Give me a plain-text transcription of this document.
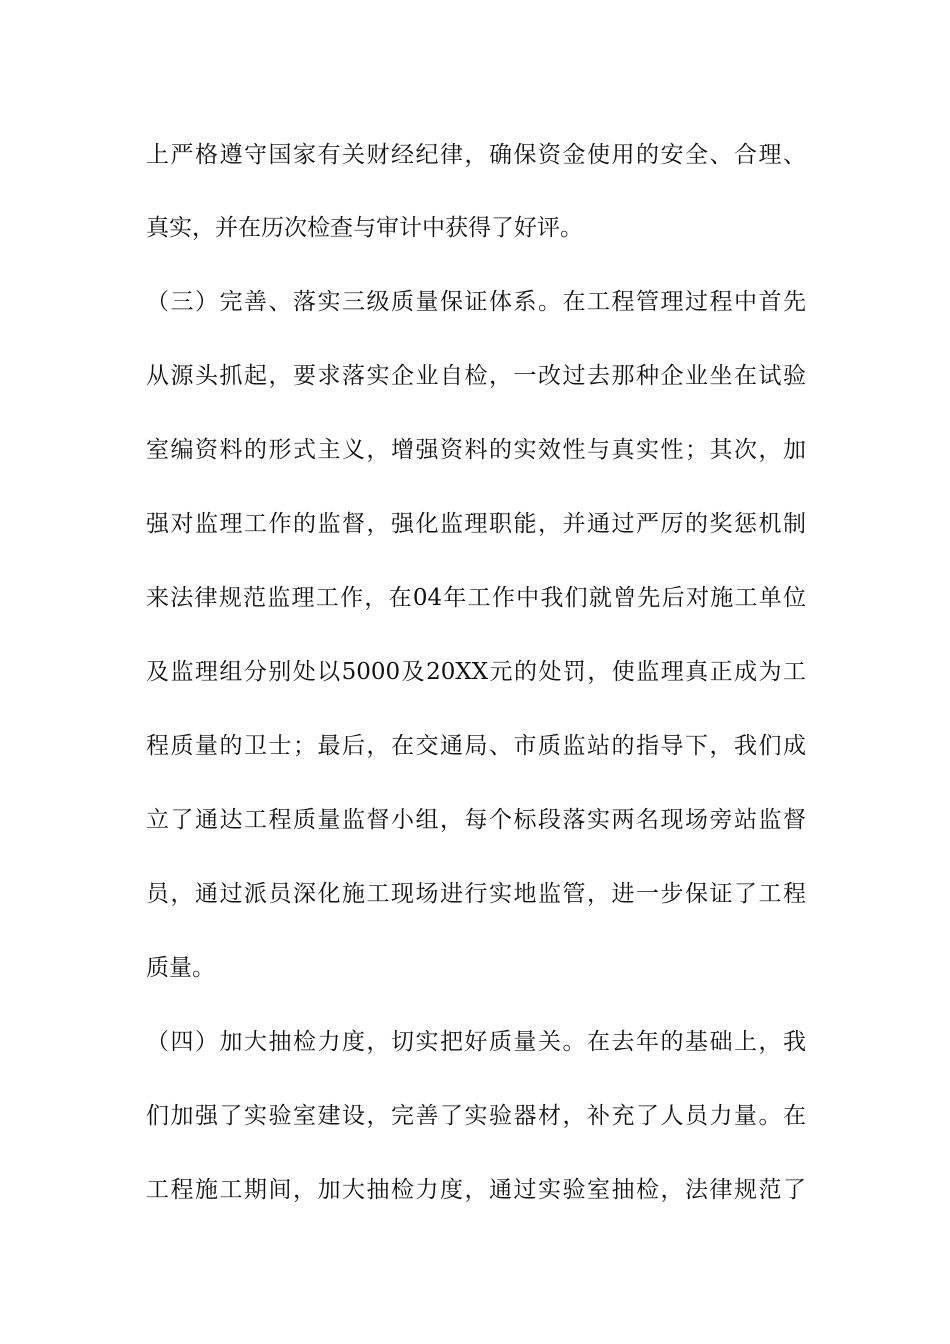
上严格遵守国家有关财经纪律，确保资金使用的安全、合理、
真实，并在历次检查与审计中获得了好评。
（三）完善、落实三级质量保证体系。在工程管理过程中首先
从源头抓起，要求落实企业自检，一改过去那种企业坐在试验
室编资料的形式主义，增强资料的实效性与真实性；其次，加
强对监理工作的监督，强化监理职能，并通过严厉的奖惩机制
来法律规范监理工作，在04年工作中我们就曾先后对施工单位
及监理组分别处以5000及20XX元的处罚，使监理真正成为工
程质量的卫士；最后，在交通局、市质监站的指导下，我们成
立了通达工程质量监督小组，每个标段落实两名现场旁站监督
员，通过派员深化施工现场进行实地监管，进一步保证了工程
质量。
（四）加大抽检力度，切实把好质量关。在去年的基础上，我
们加强了实验室建设，完善了实验器材，补充了人员力量。在
工程施工期间，加大抽检力度，通过实验室抽检，法律规范了
